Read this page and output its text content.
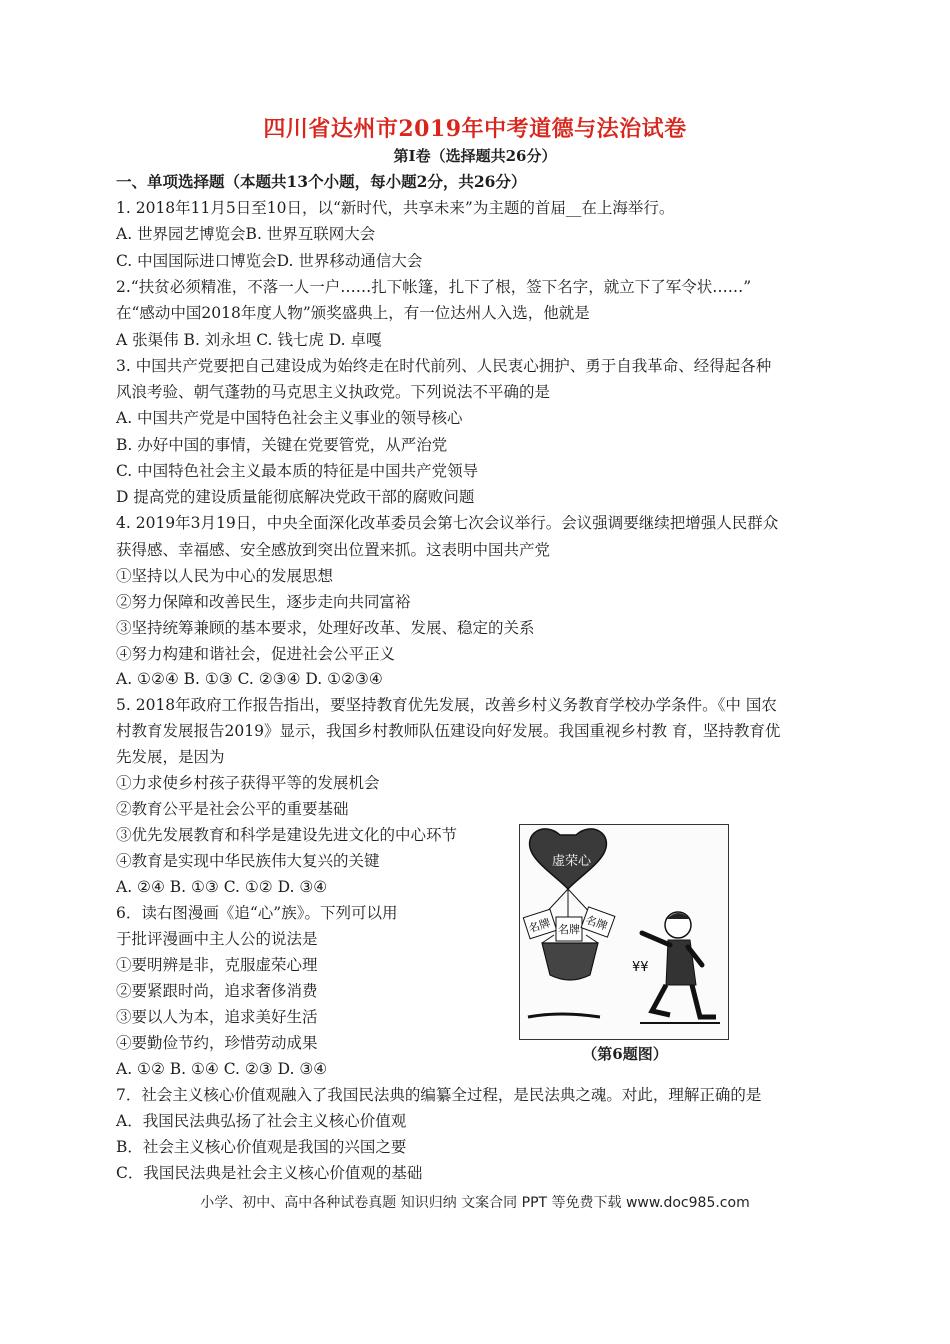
四川省达州市2019年中考道德与法治试卷
第Ⅰ卷（选择题共26分）
一、单项选择题（本题共13个小题，每小题2分，共26分）
1. 2018年11月5日至10日，以“新时代，共享未来”为主题的首届__在上海举行。
A. 世界园艺博览会B. 世界互联网大会
C. 中国国际进口博览会D. 世界移动通信大会
2.“扶贫必须精准，不落一人一户……扎下帐篷，扎下了根，签下名字，就立下了军令状……”
在“感动中国2018年度人物”颁奖盛典上，有一位达州人入选，他就是
A 张渠伟 B. 刘永坦 C. 钱七虎 D. 卓嘎
3. 中国共产党要把自己建设成为始终走在时代前列、人民衷心拥护、勇于自我革命、经得起各种
风浪考验、朝气蓬勃的马克思主义执政党。下列说法不平确的是
A. 中国共产党是中国特色社会主义事业的领导核心
B. 办好中国的事情，关键在党要管党，从严治党
C. 中国特色社会主义最本质的特征是中国共产党领导
D 提高党的建设质量能彻底解决党政干部的腐败问题
4. 2019年3月19日，中央全面深化改革委员会第七次会议举行。会议强调要继续把增强人民群众
获得感、幸福感、安全感放到突出位置来抓。这表明中国共产党
①坚持以人民为中心的发展思想
②努力保障和改善民生，逐步走向共同富裕
③坚持统筹兼顾的基本要求，处理好改革、发展、稳定的关系
④努力构建和谐社会，促进社会公平正义
A. ①②④ B. ①③ C. ②③④ D. ①②③④
5. 2018年政府工作报告指出，要坚持教育优先发展，改善乡村义务教育学校办学条件。《中 国农
村教育发展报告2019》显示，我国乡村教师队伍建设向好发展。我国重视乡村教 育，坚持教育优
先发展，是因为
①力求使乡村孩子获得平等的发展机会
②教育公平是社会公平的重要基础
③优先发展教育和科学是建设先进文化的中心环节
④教育是实现中华民族伟大复兴的关键
A. ②④ B. ①③ C. ①② D. ③④
6．读右图漫画《追“心”族》。下列可以用
于批评漫画中主人公的说法是
①要明辨是非，克服虚荣心理
②要紧跟时尚，追求奢侈消费
③要以人为本，追求美好生活
④要勤俭节约，珍惜劳动成果
A. ①② B. ①④ C. ②③ D. ③④
7．社会主义核心价值观融入了我国民法典的编纂全过程，是民法典之魂。对此，理解正确的是
A．我国民法典弘扬了社会主义核心价值观
B．社会主义核心价值观是我国的兴国之要
C．我国民法典是社会主义核心价值观的基础
虚荣心
名牌 名牌 名牌
¥¥
（第6题图）
小学、初中、高中各种试卷真题 知识归纳 文案合同 PPT 等免费下载 www.doc985.com
